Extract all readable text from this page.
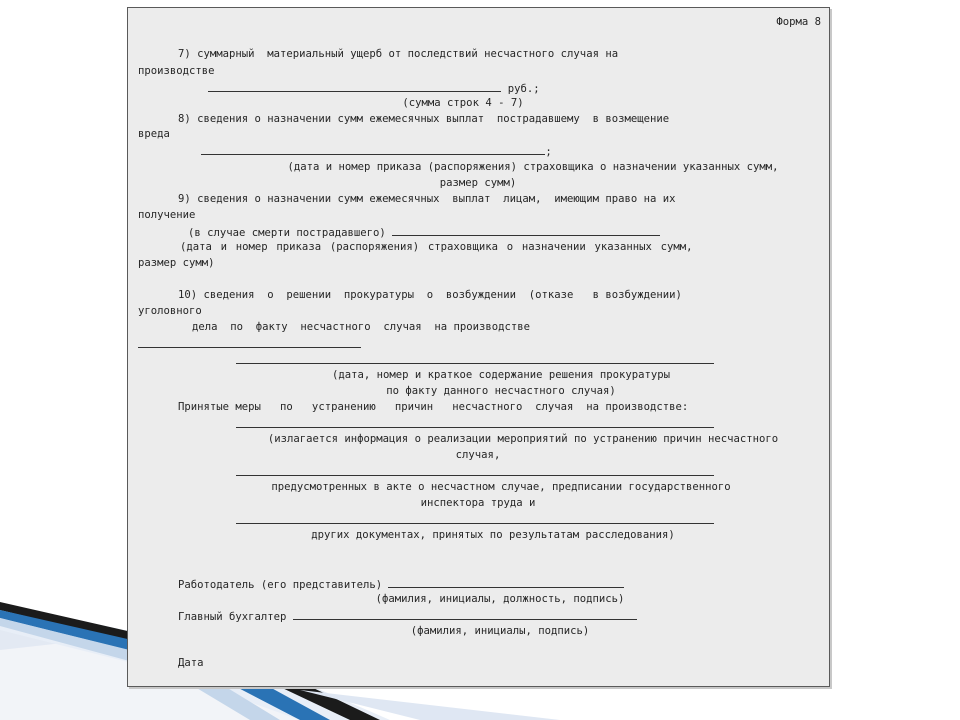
Форма 8
7) суммарный  материальный ущерб от последствий несчастного случая на
производстве
руб.;
(сумма строк 4 - 7)
8) сведения о назначении сумм ежемесячных выплат  пострадавшему  в возмещение
вреда
;
(дата и номер приказа (распоряжения) страховщика о назначении указанных сумм,
размер сумм)
9) сведения о назначении сумм ежемесячных  выплат  лицам,  имеющим право на их
получение
(в случае смерти пострадавшего)
(дата  и  номер  приказа  (распоряжения)  страховщика  о  назначении  указанных  сумм,
размер сумм)
10) сведения  о  решении  прокуратуры  о  возбуждении  (отказе   в возбуждении)
уголовного
дела  по  факту  несчастного  случая  на производстве
(дата, номер и краткое содержание решения прокуратуры
по факту данного несчастного случая)
Принятые меры   по   устранению   причин   несчастного  случая  на производстве:
(излагается информация о реализации мероприятий по устранению причин несчастного
случая,
предусмотренных в акте о несчастном случае, предписании государственного
инспектора труда и
других документах, принятых по результатам расследования)
Работодатель (его представитель)
(фамилия, инициалы, должность, подпись)
Главный бухгалтер
(фамилия, инициалы, подпись)
Дата
